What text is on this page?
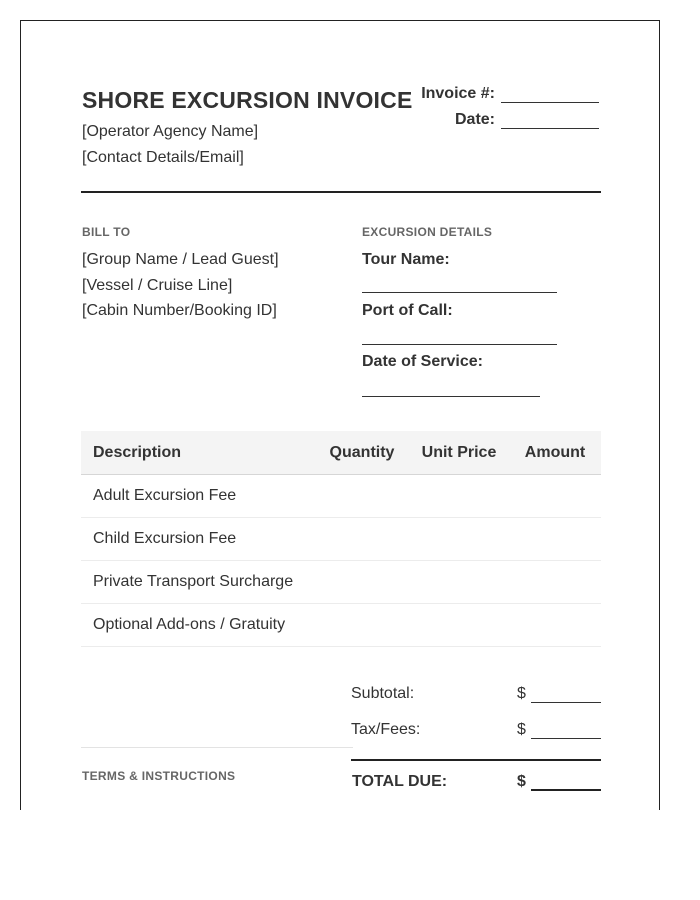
SHORE EXCURSION INVOICE
[Operator Agency Name]
[Contact Details/Email]
Invoice #:
Date:
BILL TO
[Group Name / Lead Guest]
[Vessel / Cruise Line]
[Cabin Number/Booking ID]
EXCURSION DETAILS
Tour Name:
Port of Call:
Date of Service:
Description	Quantity	Unit Price	Amount
Adult Excursion Fee			
Child Excursion Fee			
Private Transport Surcharge			
Optional Add-ons / Gratuity			
Subtotal:	$
Tax/Fees:	$
TERMS & INSTRUCTIONS	TOTAL DUE:	$
